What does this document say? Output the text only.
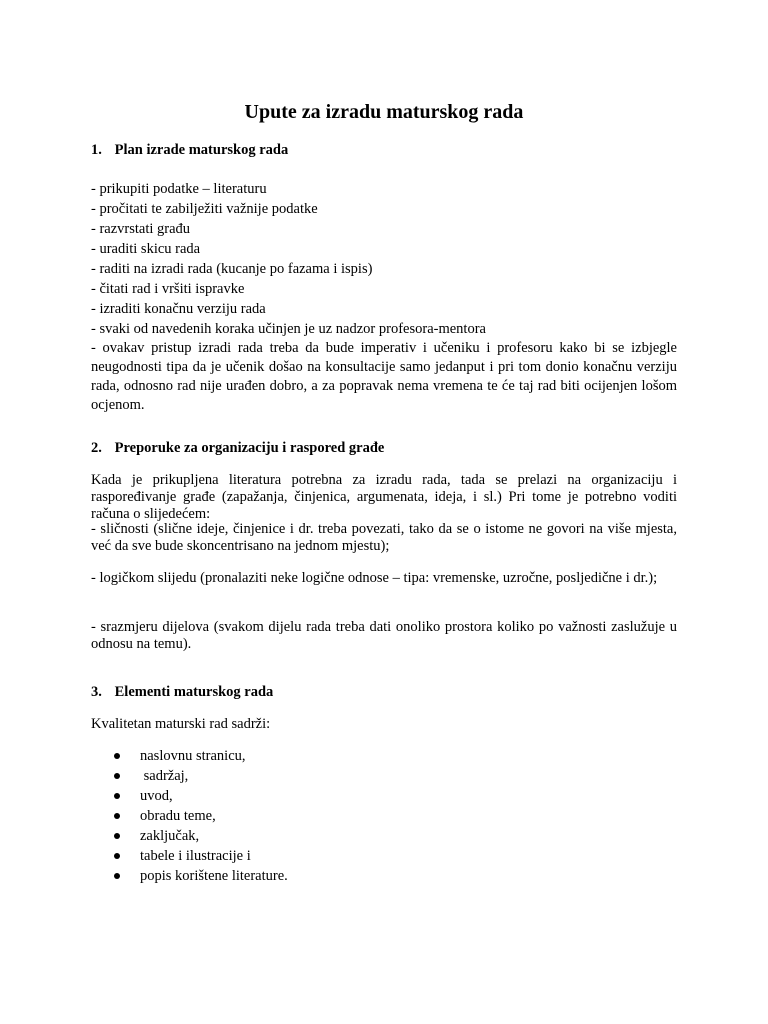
Upute za izradu maturskog rada
1. Plan izrade maturskog rada
- prikupiti podatke – literaturu
- pročitati te zabilježiti važnije podatke
- razvrstati građu
- uraditi skicu rada
- raditi na izradi rada (kucanje po fazama i ispis)
- čitati rad i vršiti ispravke
- izraditi konačnu verziju rada
- svaki od navedenih koraka učinjen je uz nadzor profesora-mentora
- ovakav pristup izradi rada treba da bude imperativ i učeniku i profesoru kako bi se izbjegle neugodnosti tipa da je učenik došao na konsultacije samo jedanput i pri tom donio konačnu verziju rada, odnosno rad nije urađen dobro, a za popravak nema vremena te će taj rad biti ocijenjen lošom ocjenom.
2. Preporuke za organizaciju i raspored građe

Kada je prikupljena literatura potrebna za izradu rada, tada se prelazi na organizaciju i raspoređivanje građe (zapažanja, činjenica, argumenata, ideja, i sl.) Pri tome je potrebno voditi računa o slijedećem:

- sličnosti (slične ideje, činjenice i dr. treba povezati, tako da se o istome ne govori na više mjesta, već da sve bude skoncentrisano na jednom mjestu);

- logičkom slijedu (pronalaziti neke logične odnose – tipa: vremenske, uzročne, posljedične i dr.);

- srazmjeru dijelova (svakom dijelu rada treba dati onoliko prostora koliko po važnosti zaslužuje u odnosu na temu).

3. Elementi maturskog rada

Kvalitetan maturski rad sadrži:

naslovnu stranicu,
sadržaj,
uvod,
obradu teme,
zaključak,
tabele i ilustracije i
popis korištene literature.
